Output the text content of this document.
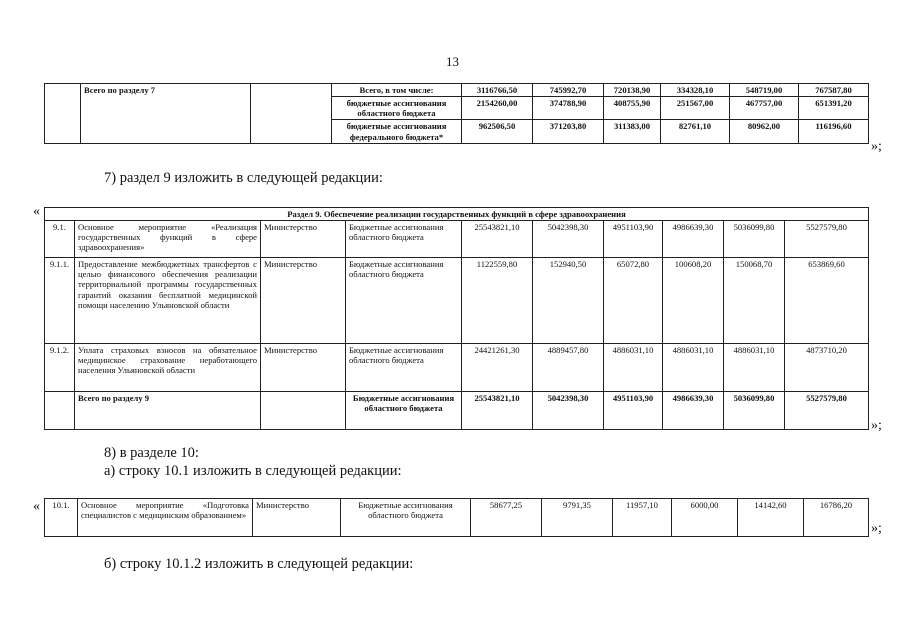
13
	Всего по разделу 7		Всего, в том числе:	3116766,50	745992,70	720138,90	334328,10	548719,00	767587,80
			бюджетные ассигнования областного бюджета	2154260,00	374788,90	408755,90	251567,00	467757,00	651391,20
			бюджетные ассигнования федерального бюджета*	962506,50	371203,80	311383,00	82761,10	80962,00	116196,60
»;
7) раздел 9 изложить в следующей редакции:
«	Раздел 9. Обеспечение реализации государственных функций в сфере здравоохранения									
9.1.	Основное мероприятие «Реализация государственных функций в сфере здравоохранения»	Министерство	Бюджетные ассигнования областного бюджета	25543821,10	5042398,30	4951103,90	4986639,30	5036099,80	5527579,80
9.1.1.	Предоставление межбюджетных трансфертов с целью финансового обеспечения реализации территориальной программы государственных гарантий оказания бесплатной медицинской помощи населению Ульяновской области	Министерство	Бюджетные ассигнования областного бюджета	1122559,80	152940,50	65072,80	100608,20	150068,70	653869,60
9.1.2.	Уплата страховых взносов на обязательное медицинское страхование неработающего населения Ульяновской области	Министерство	Бюджетные ассигнования областного бюджета	24421261,30	4889457,80	4886031,10	4886031,10	4886031,10	4873710,20
	Всего по разделу 9		Бюджетные ассигнования областного бюджета	25543821,10	5042398,30	4951103,90	4986639,30	5036099,80	5527579,80
»;
8) в разделе 10:
а) строку 10.1 изложить в следующей редакции:
« 10.1.	Основное мероприятие «Подготовка специалистов с медицинским образованием»	Министерство	Бюджетные ассигнования областного бюджета	58677,25	9791,35	11957,10	6000,00	14142,60	16786,20
»;
б) строку 10.1.2 изложить в следующей редакции:
